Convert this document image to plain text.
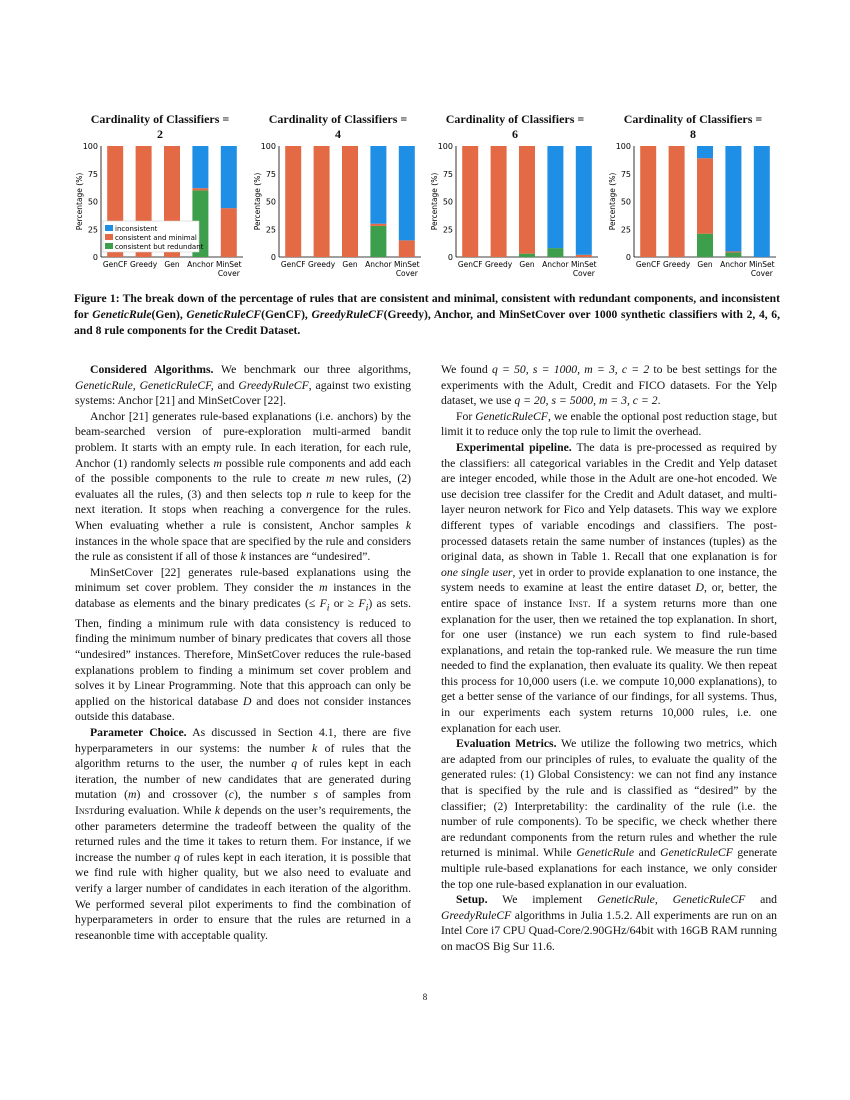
Cardinality of Classifiers =
2
Percentage (%)
0
25
50
75
100
GenCF Greedy Gen Anchor MinSet
Cover
inconsistent
consistent and minimal
consistent but redundant
Cardinality of Classifiers =
4
Percentage (%)
0
25
50
75
100
GenCF Greedy Gen Anchor MinSet
Cover
Cardinality of Classifiers =
6
Percentage (%)
0
25
50
75
100
GenCF Greedy Gen Anchor MinSet
Cover
Cardinality of Classifiers =
8
Percentage (%)
0
25
50
75
100
GenCF Greedy Gen Anchor MinSet
Cover
Figure 1: The break down of the percentage of rules that are consistent and minimal, consistent with redundant components, and inconsistent for GeneticRule(Gen), GeneticRuleCF(GenCF), GreedyRuleCF(Greedy), Anchor, and MinSetCover over 1000 synthetic classifiers with 2, 4, 6, and 8 rule components for the Credit Dataset.

Considered Algorithms. We benchmark our three algorithms, GeneticRule, GeneticRuleCF, and GreedyRuleCF, against two existing systems: Anchor [21] and MinSetCover [22].

Anchor [21] generates rule-based explanations (i.e. anchors) by the beam-searched version of pure-exploration multi-armed bandit problem. It starts with an empty rule. In each iteration, for each rule, Anchor (1) randomly selects m possible rule components and add each of the possible components to the rule to create m new rules, (2) evaluates all the rules, (3) and then selects top n rule to keep for the next iteration. It stops when reaching a convergence for the rules. When evaluating whether a rule is consistent, Anchor samples k instances in the whole space that are specified by the rule and considers the rule as consistent if all of those k instances are “undesired”.

MinSetCover [22] generates rule-based explanations using the minimum set cover problem. They consider the m instances in the database as elements and the binary predicates (≤ $F_i$ or ≥ $F_i$) as sets. Then, finding a minimum rule with data consistency is reduced to finding the minimum number of binary predicates that covers all those “undesired” instances. Therefore, MinSetCover reduces the rule-based explanations problem to finding a minimum set cover problem and solves it by Linear Programming. Note that this approach can only be applied on the historical database D and does not consider instances outside this database.

Parameter Choice. As discussed in Section 4.1, there are five hyperparameters in our systems: the number k of rules that the algorithm returns to the user, the number q of rules kept in each iteration, the number of new candidates that are generated during mutation (m) and crossover (c), the number s of samples from Instduring evaluation. While k depends on the user’s requirements, the other parameters determine the tradeoff between the quality of the returned rules and the time it takes to return them. For instance, if we increase the number q of rules kept in each iteration, it is possible that we find rule with higher quality, but we also need to evaluate and verify a larger number of candidates in each iteration of the algorithm. We performed several pilot experiments to find the combination of hyperparameters in order to ensure that the rules are returned in a reseanonble time with acceptable quality.

We found q = 50, s = 1000, m = 3, c = 2 to be best settings for the experiments with the Adult, Credit and FICO datasets. For the Yelp dataset, we use q = 20, s = 5000, m = 3, c = 2.

For GeneticRuleCF, we enable the optional post reduction stage, but limit it to reduce only the top rule to limit the overhead.

Experimental pipeline. The data is pre-processed as required by the classifiers: all categorical variables in the Credit and Yelp dataset are integer encoded, while those in the Adult are one-hot encoded. We use decision tree classifer for the Credit and Adult dataset, and multi-layer neuron network for Fico and Yelp datasets. This way we explore different types of variable encodings and classifiers. The post-processed datasets retain the same number of instances (tuples) as the original data, as shown in Table 1. Recall that one explanation is for one single user, yet in order to provide explanation to one instance, the system needs to examine at least the entire dataset D, or, better, the entire space of instance Inst. If a system returns more than one explanation for the user, then we retained the top explanation. In short, for one user (instance) we run each system to find rule-based explanations, and retain the top-ranked rule. We measure the run time needed to find the explanation, then evaluate its quality. We then repeat this process for 10,000 users (i.e. we compute 10,000 explanations), to get a better sense of the variance of our findings, for all systems. Thus, in our experiments each system returns 10,000 rules, i.e. one explanation for each user.

Evaluation Metrics. We utilize the following two metrics, which are adapted from our principles of rules, to evaluate the quality of the generated rules: (1) Global Consistency: we can not find any instance that is specified by the rule and is classified as “desired” by the classifier; (2) Interpretability: the cardinality of the rule (i.e. the number of rule components). To be specific, we check whether there are redundant components from the return rules and whether the rule returned is minimal. While GeneticRule and GeneticRuleCF generate multiple rule-based explanations for each instance, we only consider the top one rule-based explanation in our evaluation.

Setup. We implement GeneticRule, GeneticRuleCF and GreedyRuleCF algorithms in Julia 1.5.2. All experiments are run on an Intel Core i7 CPU Quad-Core/2.90GHz/64bit with 16GB RAM running on macOS Big Sur 11.6.

8
